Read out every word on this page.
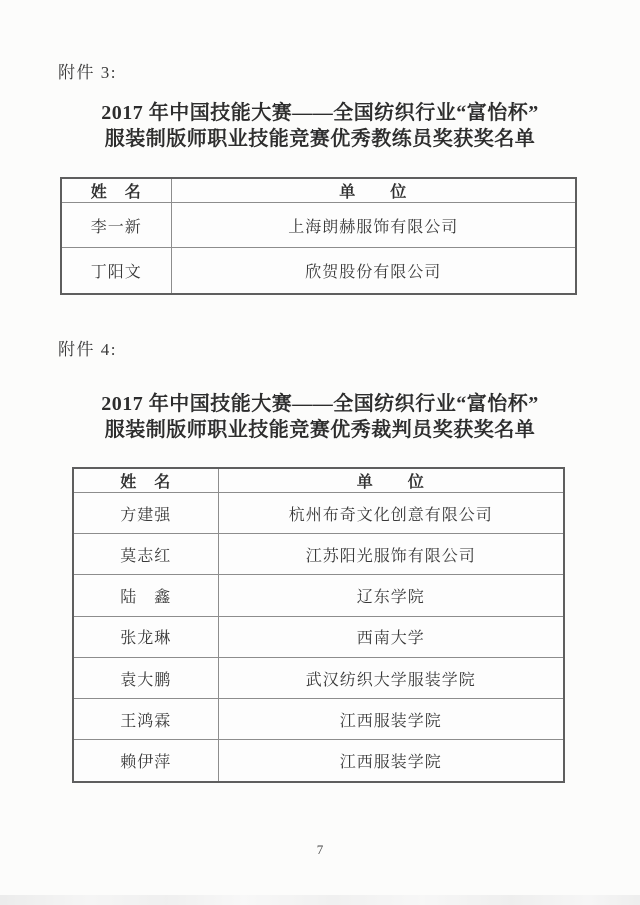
附件 3:
2017 年中国技能大赛——全国纺织行业“富怡杯”
服装制版师职业技能竞赛优秀教练员奖获奖名单
姓　名	单　　位
李一新	上海朗赫服饰有限公司
丁阳文	欣贺股份有限公司
附件 4:
2017 年中国技能大赛——全国纺织行业“富怡杯”
服装制版师职业技能竞赛优秀裁判员奖获奖名单
姓　名	单　　位
方建强	杭州布奇文化创意有限公司
莫志红	江苏阳光服饰有限公司
陆　鑫	辽东学院
张龙琳	西南大学
袁大鹏	武汉纺织大学服装学院
王鸿霖	江西服装学院
赖伊萍	江西服装学院
7
